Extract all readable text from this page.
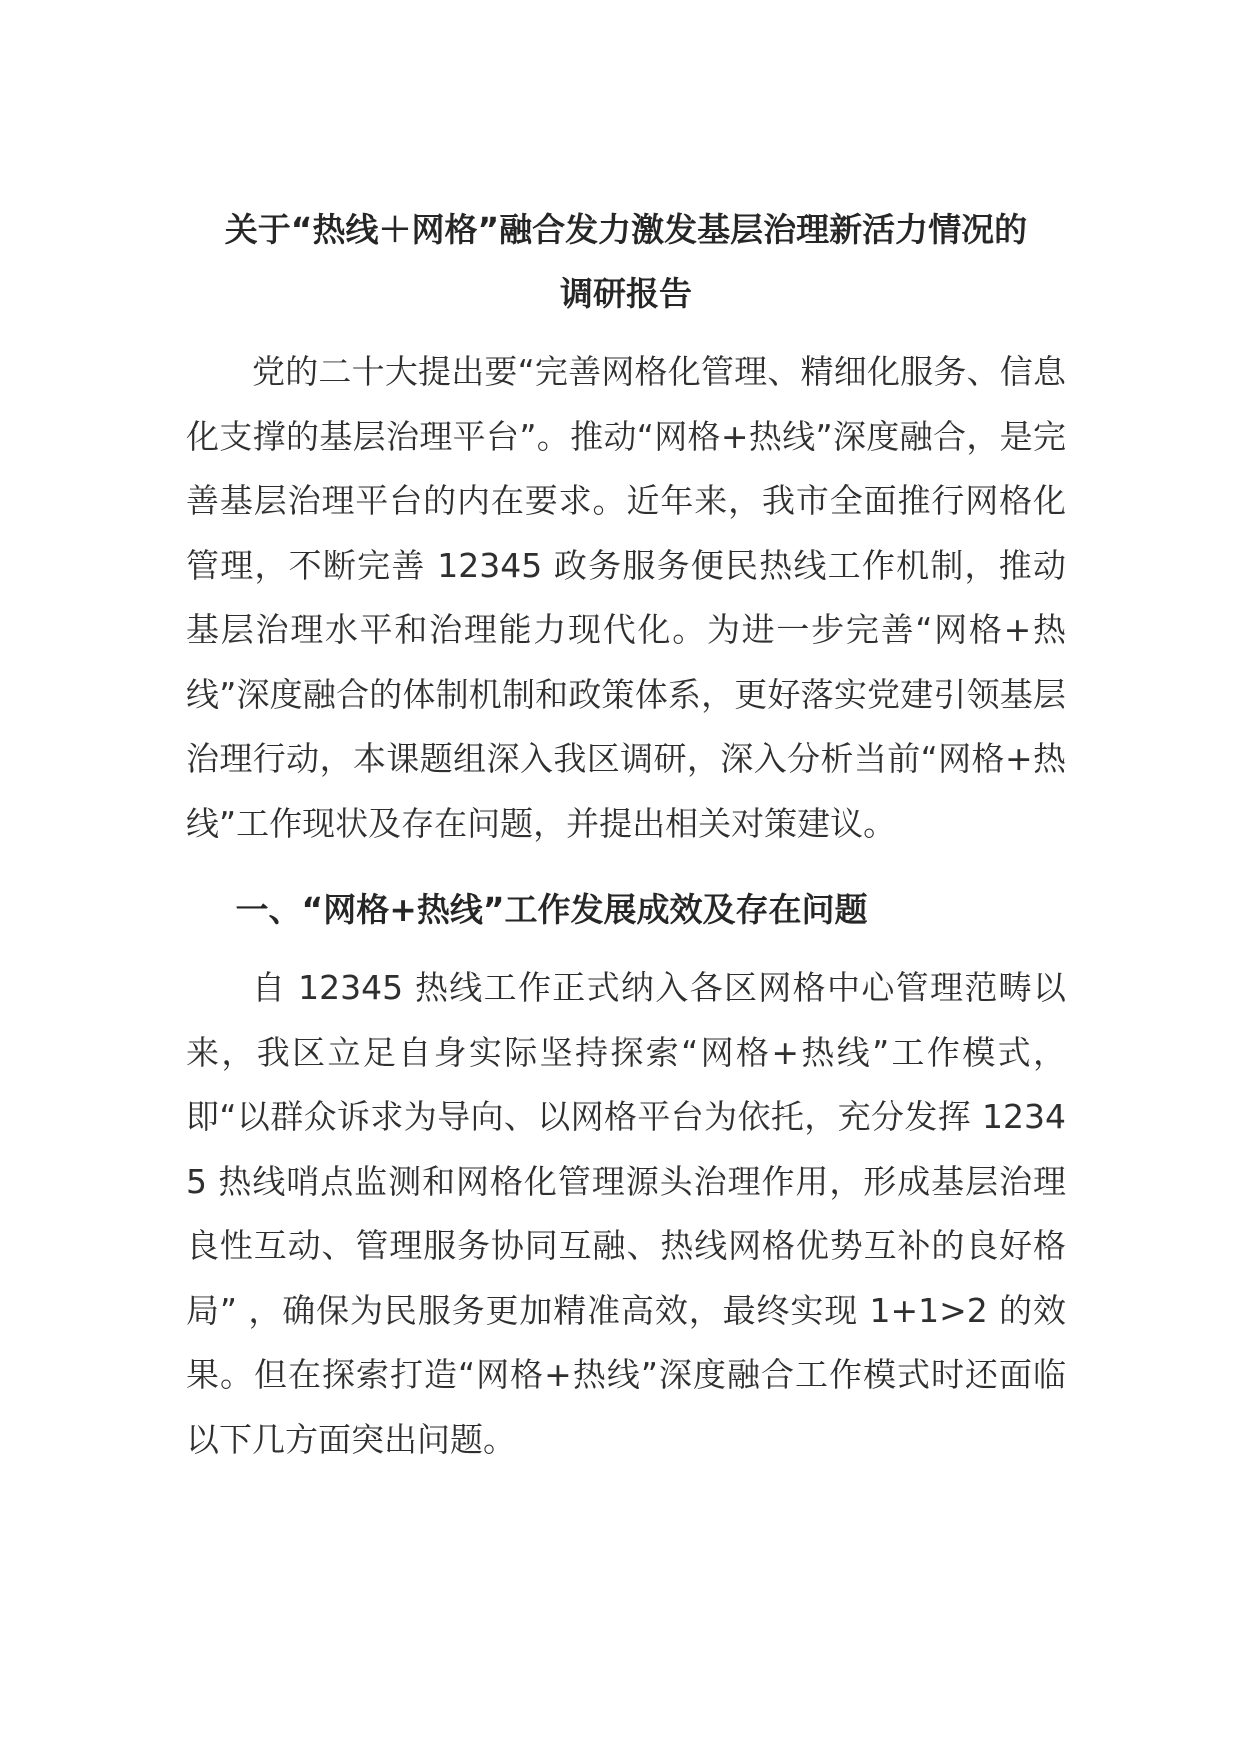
关于“热线＋网格”融合发力激发基层治理新活力情况的
调研报告

党的二十大提出要“完善网格化管理、精细化服务、信息化支撑的基层治理平台”。推动“网格+热线”深度融合，是完善基层治理平台的内在要求。近年来，我市全面推行网格化管理，不断完善 12345 政务服务便民热线工作机制，推动基层治理水平和治理能力现代化。为进一步完善“网格+热线”深度融合的体制机制和政策体系，更好落实党建引领基层治理行动，本课题组深入我区调研，深入分析当前“网格+热线”工作现状及存在问题，并提出相关对策建议。

一、“网格+热线”工作发展成效及存在问题

自 12345 热线工作正式纳入各区网格中心管理范畴以来，我区立足自身实际坚持探索“网格+热线”工作模式，即“以群众诉求为导向、以网格平台为依托，充分发挥 12345 热线哨点监测和网格化管理源头治理作用，形成基层治理良性互动、管理服务协同互融、热线网格优势互补的良好格局” ，确保为民服务更加精准高效，最终实现 1+1>2 的效果。但在探索打造“网格+热线”深度融合工作模式时还面临以下几方面突出问题。
